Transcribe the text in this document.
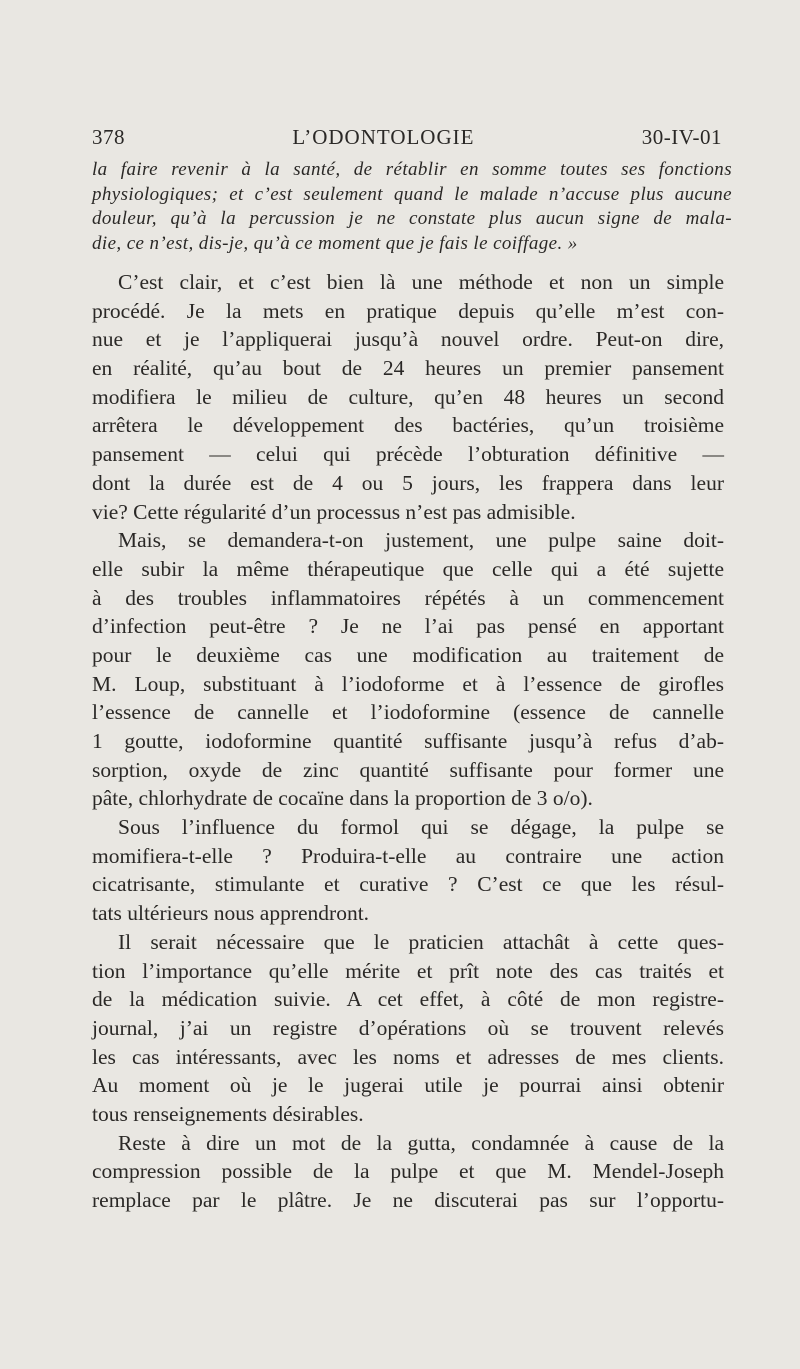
378	L’ODONTOLOGIE	30-IV-01
la faire revenir à la santé, de rétablir en somme toutes ses fonctions
physiologiques; et c’est seulement quand le malade n’accuse plus aucune
douleur, qu’à la percussion je ne constate plus aucun signe de mala-
die, ce n’est, dis-je, qu’à ce moment que je fais le coiffage. »
C’est clair, et c’est bien là une méthode et non un simple
procédé. Je la mets en pratique depuis qu’elle m’est con-
nue et je l’appliquerai jusqu’à nouvel ordre. Peut-on dire,
en réalité, qu’au bout de 24 heures un premier pansement
modifiera le milieu de culture, qu’en 48 heures un second
arrêtera le développement des bactéries, qu’un troisième
pansement — celui qui précède l’obturation définitive —
dont la durée est de 4 ou 5 jours, les frappera dans leur
vie? Cette régularité d’un processus n’est pas admisible.
Mais, se demandera-t-on justement, une pulpe saine doit-
elle subir la même thérapeutique que celle qui a été sujette
à des troubles inflammatoires répétés à un commencement
d’infection peut-être ? Je ne l’ai pas pensé en apportant
pour le deuxième cas une modification au traitement de
M. Loup, substituant à l’iodoforme et à l’essence de girofles
l’essence de cannelle et l’iodoformine (essence de cannelle
1 goutte, iodoformine quantité suffisante jusqu’à refus d’ab-
sorption, oxyde de zinc quantité suffisante pour former une
pâte, chlorhydrate de cocaïne dans la proportion de 3 o/o).
Sous l’influence du formol qui se dégage, la pulpe se
momifiera-t-elle ? Produira-t-elle au contraire une action
cicatrisante, stimulante et curative ? C’est ce que les résul-
tats ultérieurs nous apprendront.
Il serait nécessaire que le praticien attachât à cette ques-
tion l’importance qu’elle mérite et prît note des cas traités et
de la médication suivie. A cet effet, à côté de mon registre-
journal, j’ai un registre d’opérations où se trouvent relevés
les cas intéressants, avec les noms et adresses de mes clients.
Au moment où je le jugerai utile je pourrai ainsi obtenir
tous renseignements désirables.
Reste à dire un mot de la gutta, condamnée à cause de la
compression possible de la pulpe et que M. Mendel-Joseph
remplace par le plâtre. Je ne discuterai pas sur l’opportu-
